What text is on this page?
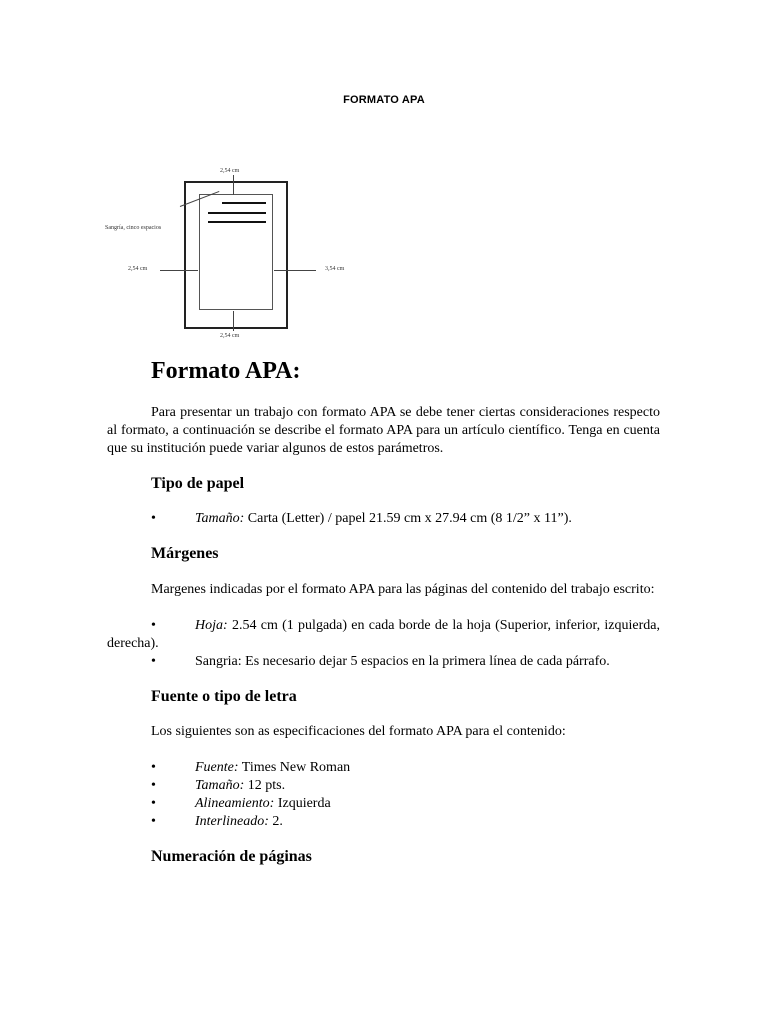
FORMATO APA
2,54 cm
Sangría, cinco espacios
2,54 cm	3,54 cm
2,54 cm
Formato APA:

Para presentar un trabajo con formato APA se debe tener ciertas consideraciones respecto al formato, a continuación se describe el formato APA para un artículo científico. Tenga en cuenta que su institución puede variar algunos de estos parámetros.

Tipo de papel
• Tamaño: Carta (Letter) / papel 21.59 cm x 27.94 cm (8 1/2” x 11”).
Márgenes

Margenes indicadas por el formato APA para las páginas del contenido del trabajo escrito:

• Hoja: 2.54 cm (1 pulgada) en cada borde de la hoja (Superior, inferior, izquierda, derecha).
• Sangria: Es necesario dejar 5 espacios en la primera línea de cada párrafo.
Fuente o tipo de letra

Los siguientes son as especificaciones del formato APA para el contenido:

• Fuente: Times New Roman
• Tamaño: 12 pts.
• Alineamiento: Izquierda
• Interlineado: 2.
Numeración de páginas
